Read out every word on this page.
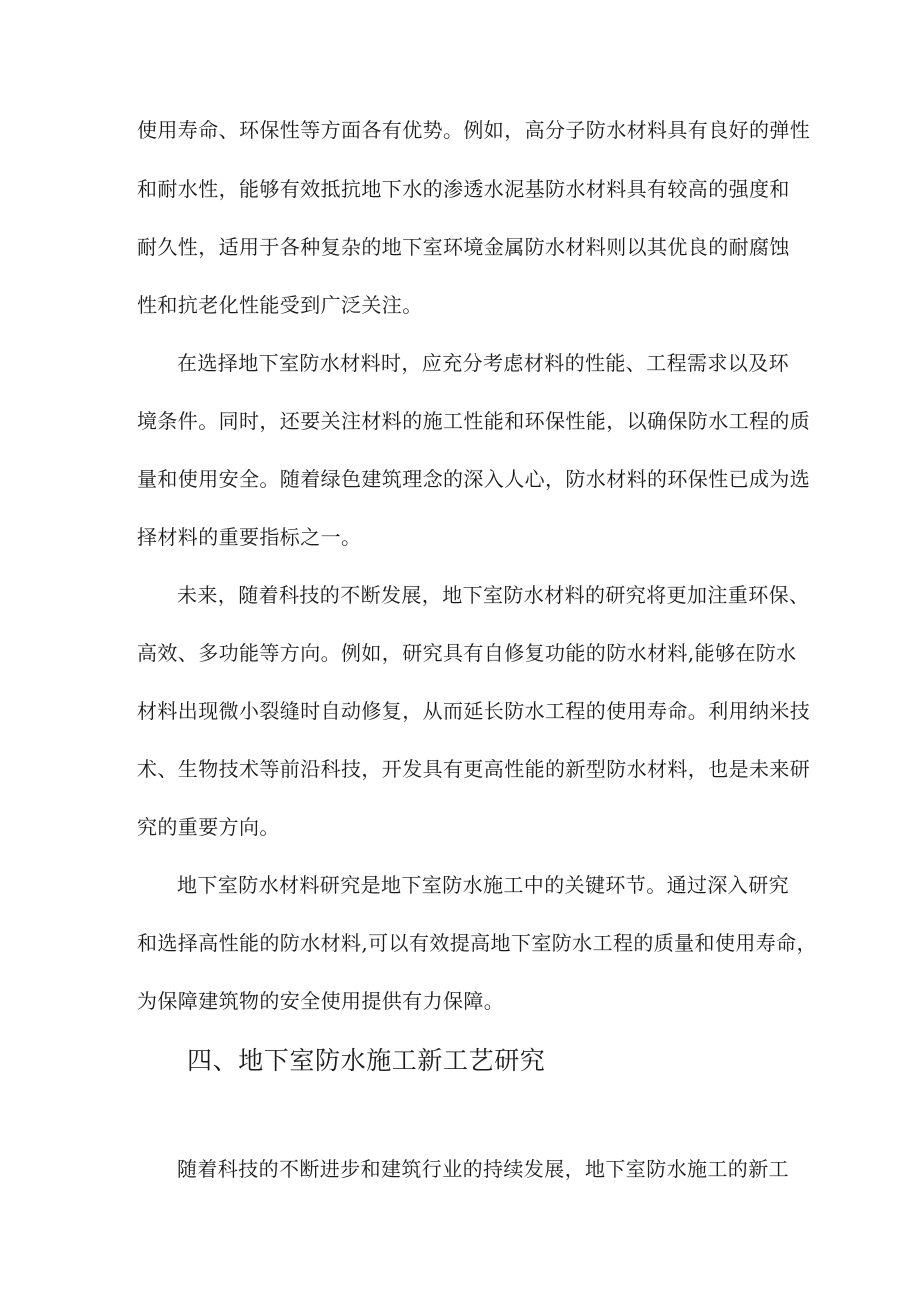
使用寿命、环保性等方面各有优势。例如，高分子防水材料具有良好的弹性
和耐水性，能够有效抵抗地下水的渗透水泥基防水材料具有较高的强度和
耐久性，适用于各种复杂的地下室环境金属防水材料则以其优良的耐腐蚀
性和抗老化性能受到广泛关注。
在选择地下室防水材料时，应充分考虑材料的性能、工程需求以及环
境条件。同时，还要关注材料的施工性能和环保性能，以确保防水工程的质
量和使用安全。随着绿色建筑理念的深入人心，防水材料的环保性已成为选
择材料的重要指标之一。
未来，随着科技的不断发展，地下室防水材料的研究将更加注重环保、
高效、多功能等方向。例如，研究具有自修复功能的防水材料,能够在防水
材料出现微小裂缝时自动修复，从而延长防水工程的使用寿命。利用纳米技
术、生物技术等前沿科技，开发具有更高性能的新型防水材料，也是未来研
究的重要方向。
地下室防水材料研究是地下室防水施工中的关键环节。通过深入研究
和选择高性能的防水材料,可以有效提高地下室防水工程的质量和使用寿命，
为保障建筑物的安全使用提供有力保障。
四、地下室防水施工新工艺研究
随着科技的不断进步和建筑行业的持续发展，地下室防水施工的新工
